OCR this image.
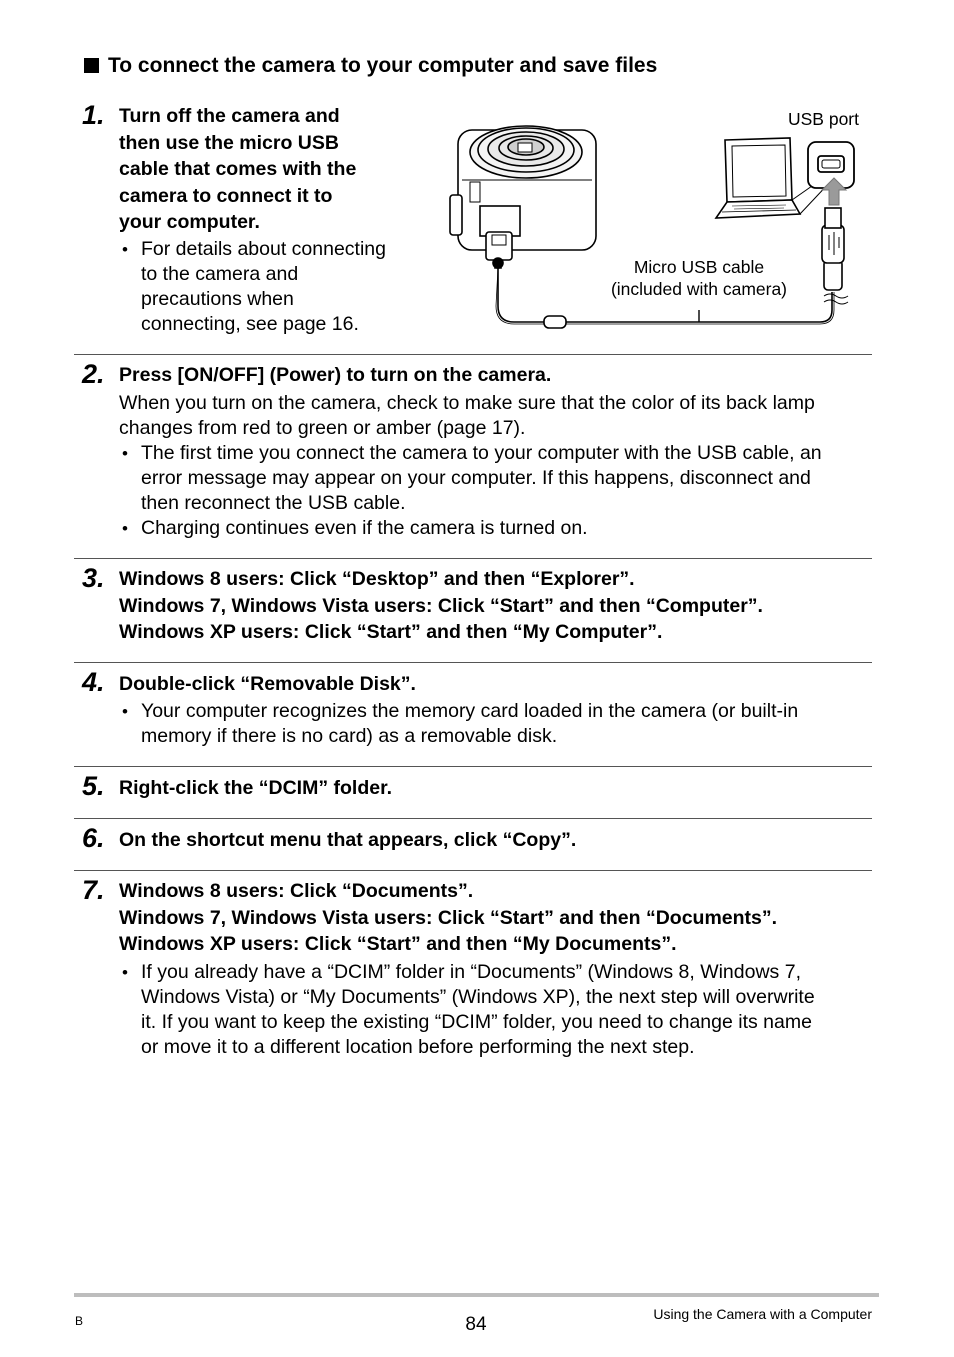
To connect the camera to your computer and save files
1. Turn off the camera and
then use the micro USB
cable that comes with the
camera to connect it to
your computer.
• For details about connecting
to the camera and
precautions when
connecting, see page 16.
USB port
Micro USB cable
(included with camera)
2. Press [ON/OFF] (Power) to turn on the camera.
When you turn on the camera, check to make sure that the color of its back lamp
changes from red to green or amber (page 17).
• The first time you connect the camera to your computer with the USB cable, an
error message may appear on your computer. If this happens, disconnect and
then reconnect the USB cable.
• Charging continues even if the camera is turned on.
3. Windows 8 users: Click “Desktop” and then “Explorer”.
Windows 7, Windows Vista users: Click “Start” and then “Computer”.
Windows XP users: Click “Start” and then “My Computer”.
4. Double-click “Removable Disk”.
• Your computer recognizes the memory card loaded in the camera (or built-in
memory if there is no card) as a removable disk.
5. Right-click the “DCIM” folder.
6. On the shortcut menu that appears, click “Copy”.
7. Windows 8 users: Click “Documents”.
Windows 7, Windows Vista users: Click “Start” and then “Documents”.
Windows XP users: Click “Start” and then “My Documents”.
• If you already have a “DCIM” folder in “Documents” (Windows 8, Windows 7,
Windows Vista) or “My Documents” (Windows XP), the next step will overwrite
it. If you want to keep the existing “DCIM” folder, you need to change its name
or move it to a different location before performing the next step.
B	84	Using the Camera with a Computer
